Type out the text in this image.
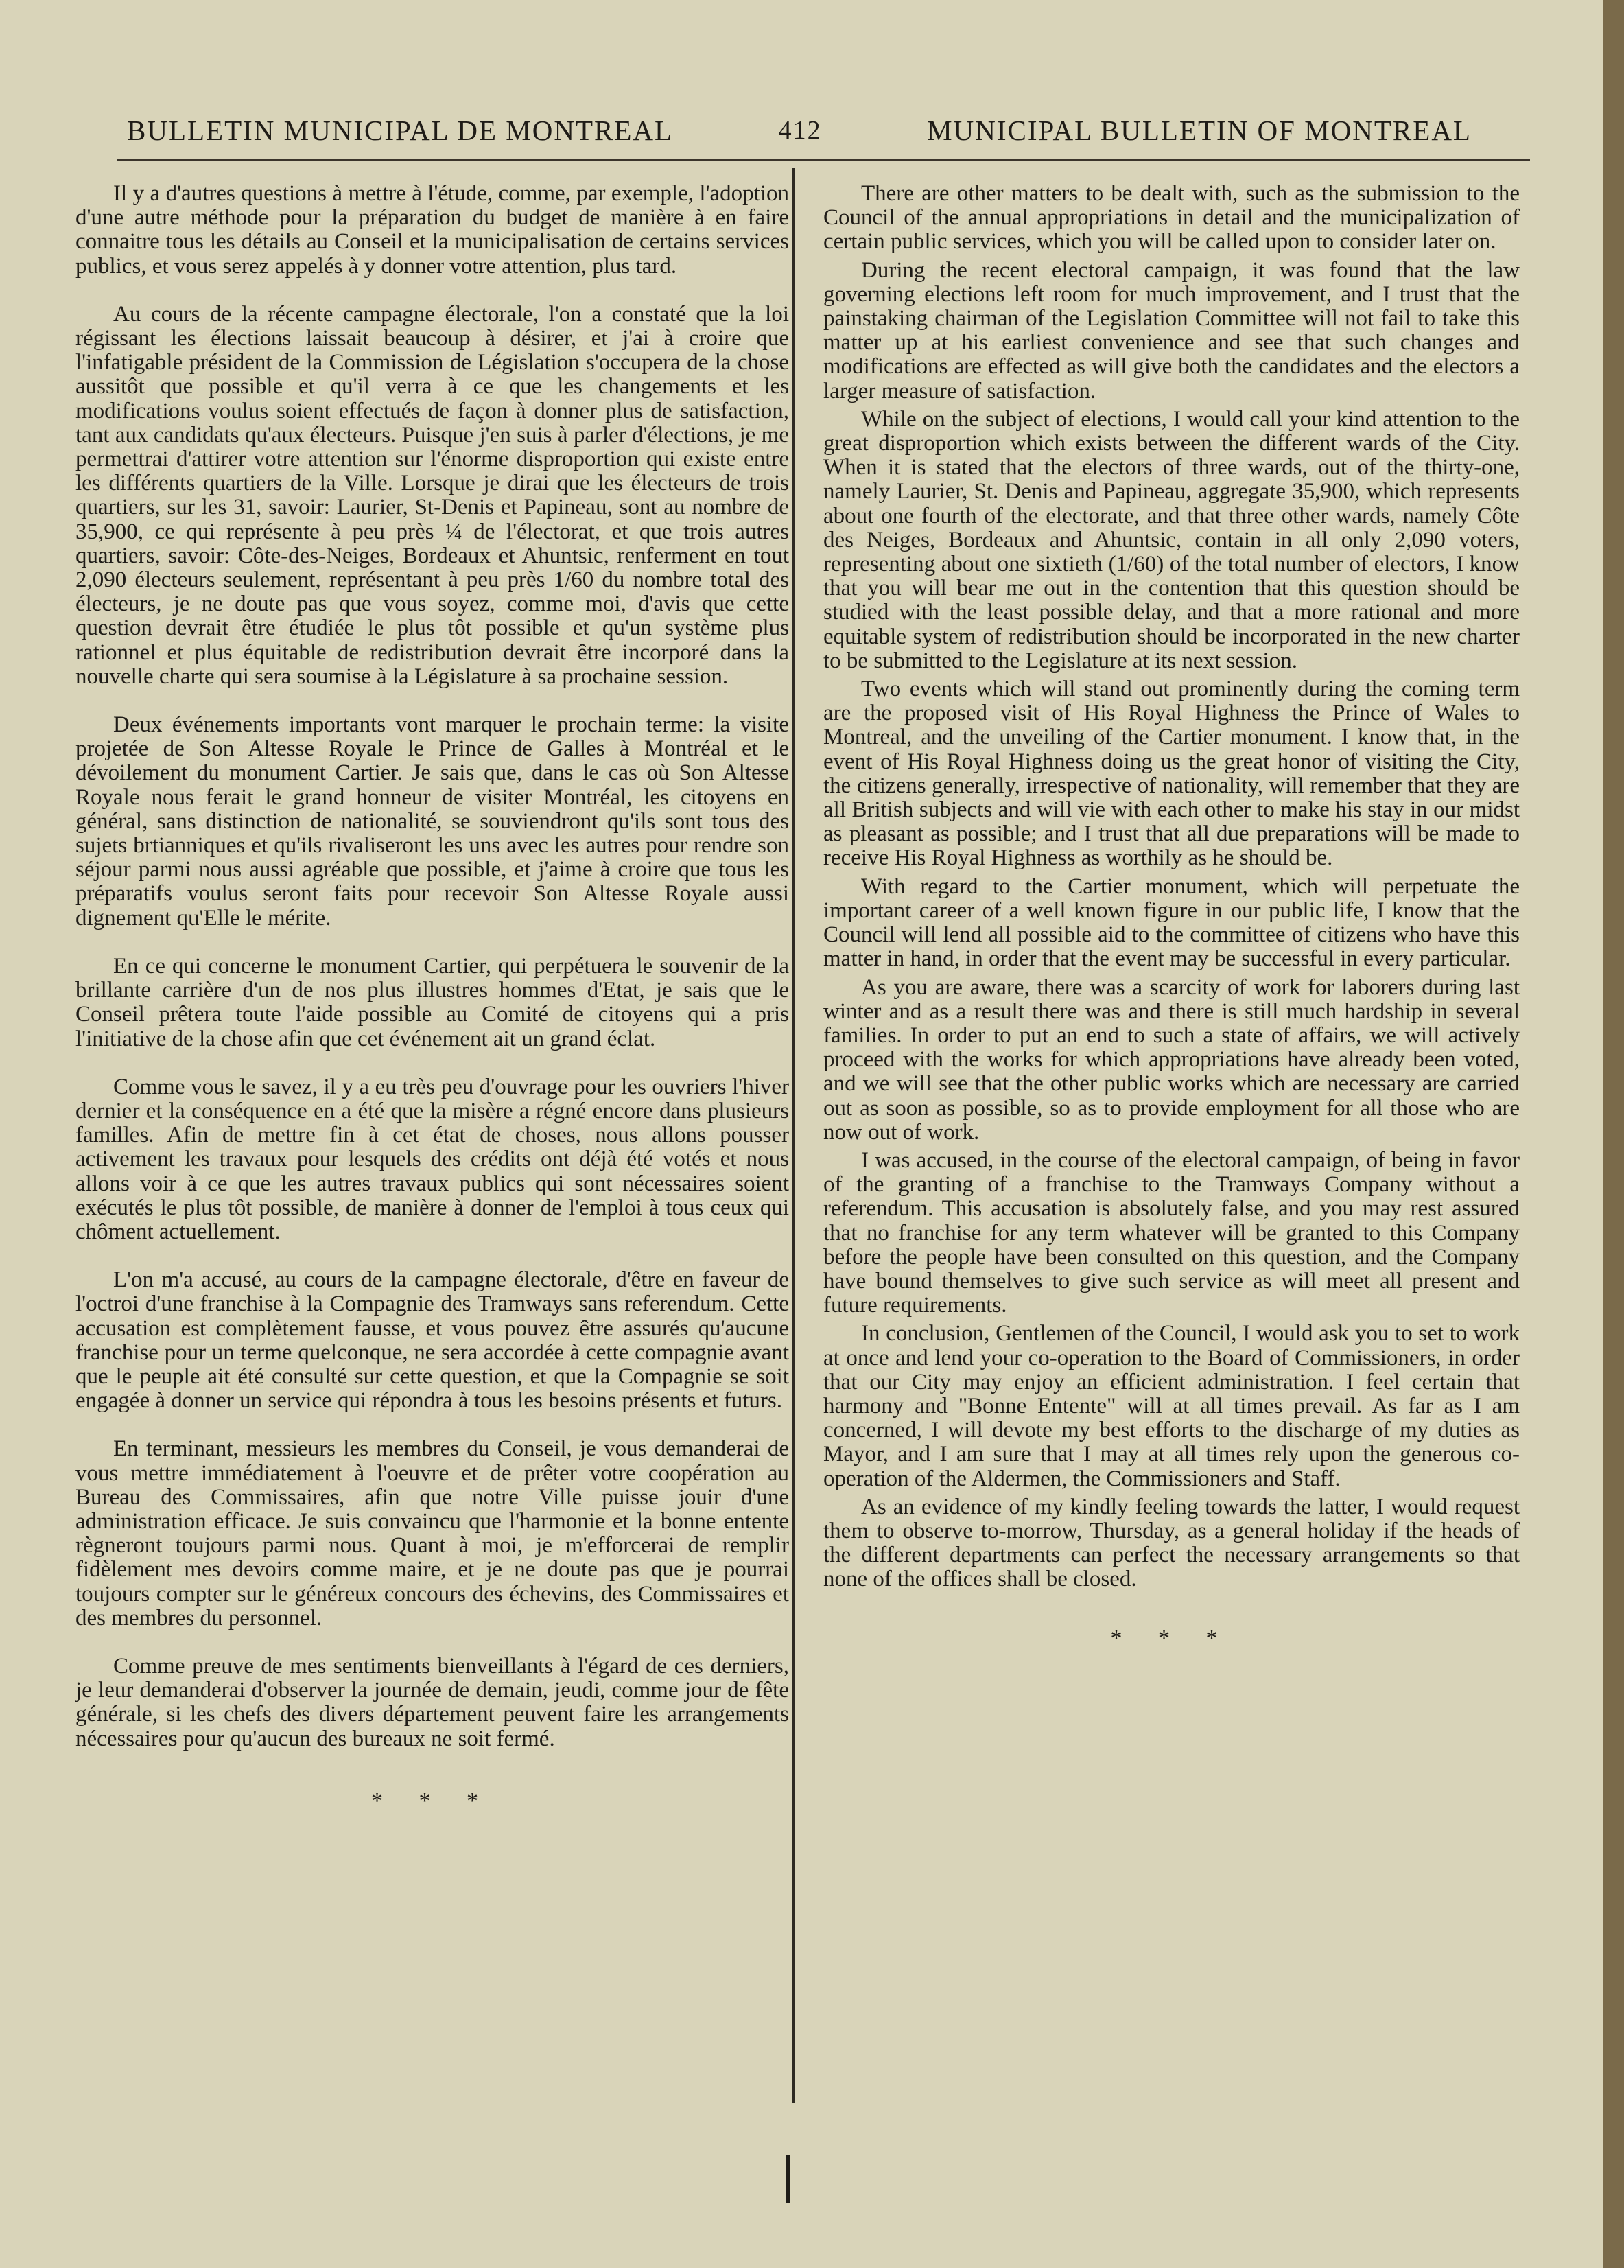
BULLETIN MUNICIPAL DE MONTREAL	412	MUNICIPAL BULLETIN OF MONTREAL

Il y a d'autres questions à mettre à l'étude, comme, par exemple, l'adoption d'une autre méthode pour la préparation du budget de manière à en faire connaitre tous les détails au Conseil et la municipalisation de certains services publics, et vous serez appelés à y donner votre attention, plus tard.

Au cours de la récente campagne électorale, l'on a constaté que la loi régissant les élections laissait beaucoup à désirer, et j'ai à croire que l'infatigable président de la Commission de Législation s'occupera de la chose aussitôt que possible et qu'il verra à ce que les changements et les modifications voulus soient effectués de façon à donner plus de satisfaction, tant aux candidats qu'aux électeurs. Puisque j'en suis à parler d'élections, je me permettrai d'attirer votre attention sur l'énorme disproportion qui existe entre les différents quartiers de la Ville. Lorsque je dirai que les électeurs de trois quartiers, sur les 31, savoir: Laurier, St-Denis et Papineau, sont au nombre de 35,900, ce qui représente à peu près ¼ de l'électorat, et que trois autres quartiers, savoir: Côte-des-Neiges, Bordeaux et Ahuntsic, renferment en tout 2,090 électeurs seulement, représentant à peu près 1/60 du nombre total des électeurs, je ne doute pas que vous soyez, comme moi, d'avis que cette question devrait être étudiée le plus tôt possible et qu'un système plus rationnel et plus équitable de redistribution devrait être incorporé dans la nouvelle charte qui sera soumise à la Législature à sa prochaine session.

Deux événements importants vont marquer le prochain terme: la visite projetée de Son Altesse Royale le Prince de Galles à Montréal et le dévoilement du monument Cartier. Je sais que, dans le cas où Son Altesse Royale nous ferait le grand honneur de visiter Montréal, les citoyens en général, sans distinction de nationalité, se souviendront qu'ils sont tous des sujets brtianniques et qu'ils rivaliseront les uns avec les autres pour rendre son séjour parmi nous aussi agréable que possible, et j'aime à croire que tous les préparatifs voulus seront faits pour recevoir Son Altesse Royale aussi dignement qu'Elle le mérite.

En ce qui concerne le monument Cartier, qui perpétuera le souvenir de la brillante carrière d'un de nos plus illustres hommes d'Etat, je sais que le Conseil prêtera toute l'aide possible au Comité de citoyens qui a pris l'initiative de la chose afin que cet événement ait un grand éclat.

Comme vous le savez, il y a eu très peu d'ouvrage pour les ouvriers l'hiver dernier et la conséquence en a été que la misère a régné encore dans plusieurs familles. Afin de mettre fin à cet état de choses, nous allons pousser activement les travaux pour lesquels des crédits ont déjà été votés et nous allons voir à ce que les autres travaux publics qui sont nécessaires soient exécutés le plus tôt possible, de manière à donner de l'emploi à tous ceux qui chôment actuellement.

L'on m'a accusé, au cours de la campagne électorale, d'être en faveur de l'octroi d'une franchise à la Compagnie des Tramways sans referendum. Cette accusation est complètement fausse, et vous pouvez être assurés qu'aucune franchise pour un terme quelconque, ne sera accordée à cette compagnie avant que le peuple ait été consulté sur cette question, et que la Compagnie se soit engagée à donner un service qui répondra à tous les besoins présents et futurs.

En terminant, messieurs les membres du Conseil, je vous demanderai de vous mettre immédiatement à l'oeuvre et de prêter votre coopération au Bureau des Commissaires, afin que notre Ville puisse jouir d'une administration efficace. Je suis convaincu que l'harmonie et la bonne entente règneront toujours parmi nous. Quant à moi, je m'efforcerai de remplir fidèlement mes devoirs comme maire, et je ne doute pas que je pourrai toujours compter sur le généreux concours des échevins, des Commissaires et des membres du personnel.

Comme preuve de mes sentiments bienveillants à l'égard de ces derniers, je leur demanderai d'observer la journée de demain, jeudi, comme jour de fête générale, si les chefs des divers département peuvent faire les arrangements nécessaires pour qu'aucun des bureaux ne soit fermé.

* * *

There are other matters to be dealt with, such as the submission to the Council of the annual appropriations in detail and the municipalization of certain public services, which you will be called upon to consider later on.

During the recent electoral campaign, it was found that the law governing elections left room for much improvement, and I trust that the painstaking chairman of the Legislation Committee will not fail to take this matter up at his earliest convenience and see that such changes and modifications are effected as will give both the candidates and the electors a larger measure of satisfaction.

While on the subject of elections, I would call your kind attention to the great disproportion which exists between the different wards of the City. When it is stated that the electors of three wards, out of the thirty-one, namely Laurier, St. Denis and Papineau, aggregate 35,900, which represents about one fourth of the electorate, and that three other wards, namely Côte des Neiges, Bordeaux and Ahuntsic, contain in all only 2,090 voters, representing about one sixtieth (1/60) of the total number of electors, I know that you will bear me out in the contention that this question should be studied with the least possible delay, and that a more rational and more equitable system of redistribution should be incorporated in the new charter to be submitted to the Legislature at its next session.

Two events which will stand out prominently during the coming term are the proposed visit of His Royal Highness the Prince of Wales to Montreal, and the unveiling of the Cartier monument. I know that, in the event of His Royal Highness doing us the great honor of visiting the City, the citizens generally, irrespective of nationality, will remember that they are all British subjects and will vie with each other to make his stay in our midst as pleasant as possible; and I trust that all due preparations will be made to receive His Royal Highness as worthily as he should be.

With regard to the Cartier monument, which will perpetuate the important career of a well known figure in our public life, I know that the Council will lend all possible aid to the committee of citizens who have this matter in hand, in order that the event may be successful in every particular.

As you are aware, there was a scarcity of work for laborers during last winter and as a result there was and there is still much hardship in several families. In order to put an end to such a state of affairs, we will actively proceed with the works for which appropriations have already been voted, and we will see that the other public works which are necessary are carried out as soon as possible, so as to provide employment for all those who are now out of work.

I was accused, in the course of the electoral campaign, of being in favor of the granting of a franchise to the Tramways Company without a referendum. This accusation is absolutely false, and you may rest assured that no franchise for any term whatever will be granted to this Company before the people have been consulted on this question, and the Company have bound themselves to give such service as will meet all present and future requirements.

In conclusion, Gentlemen of the Council, I would ask you to set to work at once and lend your co-operation to the Board of Commissioners, in order that our City may enjoy an efficient administration. I feel certain that harmony and "Bonne Entente" will at all times prevail. As far as I am concerned, I will devote my best efforts to the discharge of my duties as Mayor, and I am sure that I may at all times rely upon the generous co-operation of the Aldermen, the Commissioners and Staff.

As an evidence of my kindly feeling towards the latter, I would request them to observe to-morrow, Thursday, as a general holiday if the heads of the different departments can perfect the necessary arrangements so that none of the offices shall be closed.

* * *
